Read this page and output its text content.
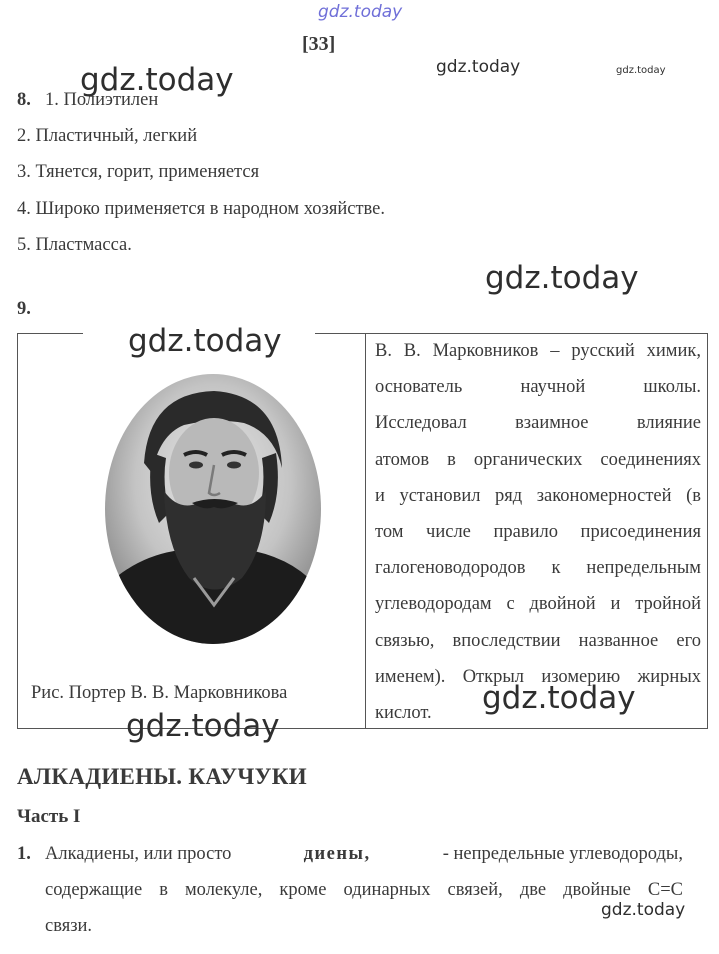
gdz.today
[33]
gdz.today	gdz.today	gdz.today
8. 1. Полиэтилен
2. Пластичный, легкий
3. Тянется, горит, применяется
4. Широко применяется в народном хозяйстве.
5. Пластмасса.
gdz.today
9.
Рис. Портер В. В. Марковникова
В. В. Марковников – русский химик,
основатель научной школы.
Исследовал взаимное влияние
атомов в органических соединениях
и установил ряд закономерностей (в
том числе правило присоединения
галогеноводородов к непредельным
углеводородам с двойной и тройной
связью, впоследствии названное его
именем). Открыл изомерию жирных
кислот.
gdz.today
gdz.today
gdz.today
АЛКАДИЕНЫ. КАУЧУКИ
Часть I
1. Алкадиены, или просто	диены,	- непредельные углеводороды,
содержащие в молекуле, кроме одинарных связей, две двойные С=С
связи.
gdz.today
